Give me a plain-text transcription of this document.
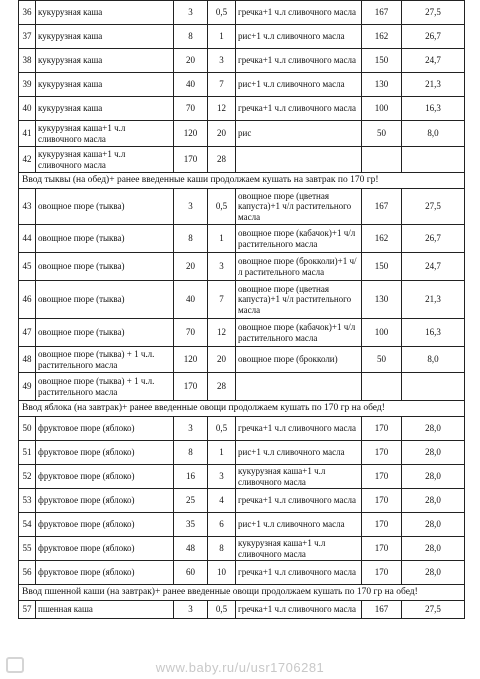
36	кукурузная каша	3	0,5	гречка+1 ч.л сливочного масла	167	27,5
37	кукурузная каша	8	1	рис+1 ч.л сливочного масла	162	26,7
38	кукурузная каша	20	3	гречка+1 ч.л сливочного масла	150	24,7
39	кукурузная каша	40	7	рис+1 ч.л сливочного масла	130	21,3
40	кукурузная каша	70	12	гречка+1 ч.л сливочного масла	100	16,3
41	кукурузная каша+1 ч.л сливочного масла	120	20	рис	50	8,0
42	кукурузная каша+1 ч.л сливочного масла	170	28			
Ввод тыквы (на обед)+ ранее введенные каши продолжаем кушать на завтрак по 170 гр!						
43	овощное пюре (тыква)	3	0,5	овощное пюре (цветная капуста)+1 ч/л растительного масла	167	27,5
44	овощное пюре (тыква)	8	1	овощное пюре (кабачок)+1 ч/л растительного масла	162	26,7
45	овощное пюре (тыква)	20	3	овощное пюре (брокколи)+1 ч/л растительного масла	150	24,7
46	овощное пюре (тыква)	40	7	овощное пюре (цветная капуста)+1 ч/л растительного масла	130	21,3
47	овощное пюре (тыква)	70	12	овощное пюре (кабачок)+1 ч/л растительного масла	100	16,3
48	овощное пюре (тыква) + 1 ч.л. растительного масла	120	20	овощное пюре (брокколи)	50	8,0
49	овощное пюре (тыква) + 1 ч.л. растительного масла	170	28			
Ввод яблока (на завтрак)+ ранее введенные овощи продолжаем кушать по 170 гр на обед!						
50	фруктовое пюре (яблоко)	3	0,5	гречка+1 ч.л сливочного масла	170	28,0
51	фруктовое пюре (яблоко)	8	1	рис+1 ч.л сливочного масла	170	28,0
52	фруктовое пюре (яблоко)	16	3	кукурузная каша+1 ч.л сливочного масла	170	28,0
53	фруктовое пюре (яблоко)	25	4	гречка+1 ч.л сливочного масла	170	28,0
54	фруктовое пюре (яблоко)	35	6	рис+1 ч.л сливочного масла	170	28,0
55	фруктовое пюре (яблоко)	48	8	кукурузная каша+1 ч.л сливочного масла	170	28,0
56	фруктовое пюре (яблоко)	60	10	гречка+1 ч.л сливочного масла	170	28,0
Ввод пшенной каши (на завтрак)+ ранее введенные овощи продолжаем кушать по 170 гр на обед!						
57	пшенная каша	3	0,5	гречка+1 ч.л сливочного масла	167	27,5
www.baby.ru/u/usr1706281
